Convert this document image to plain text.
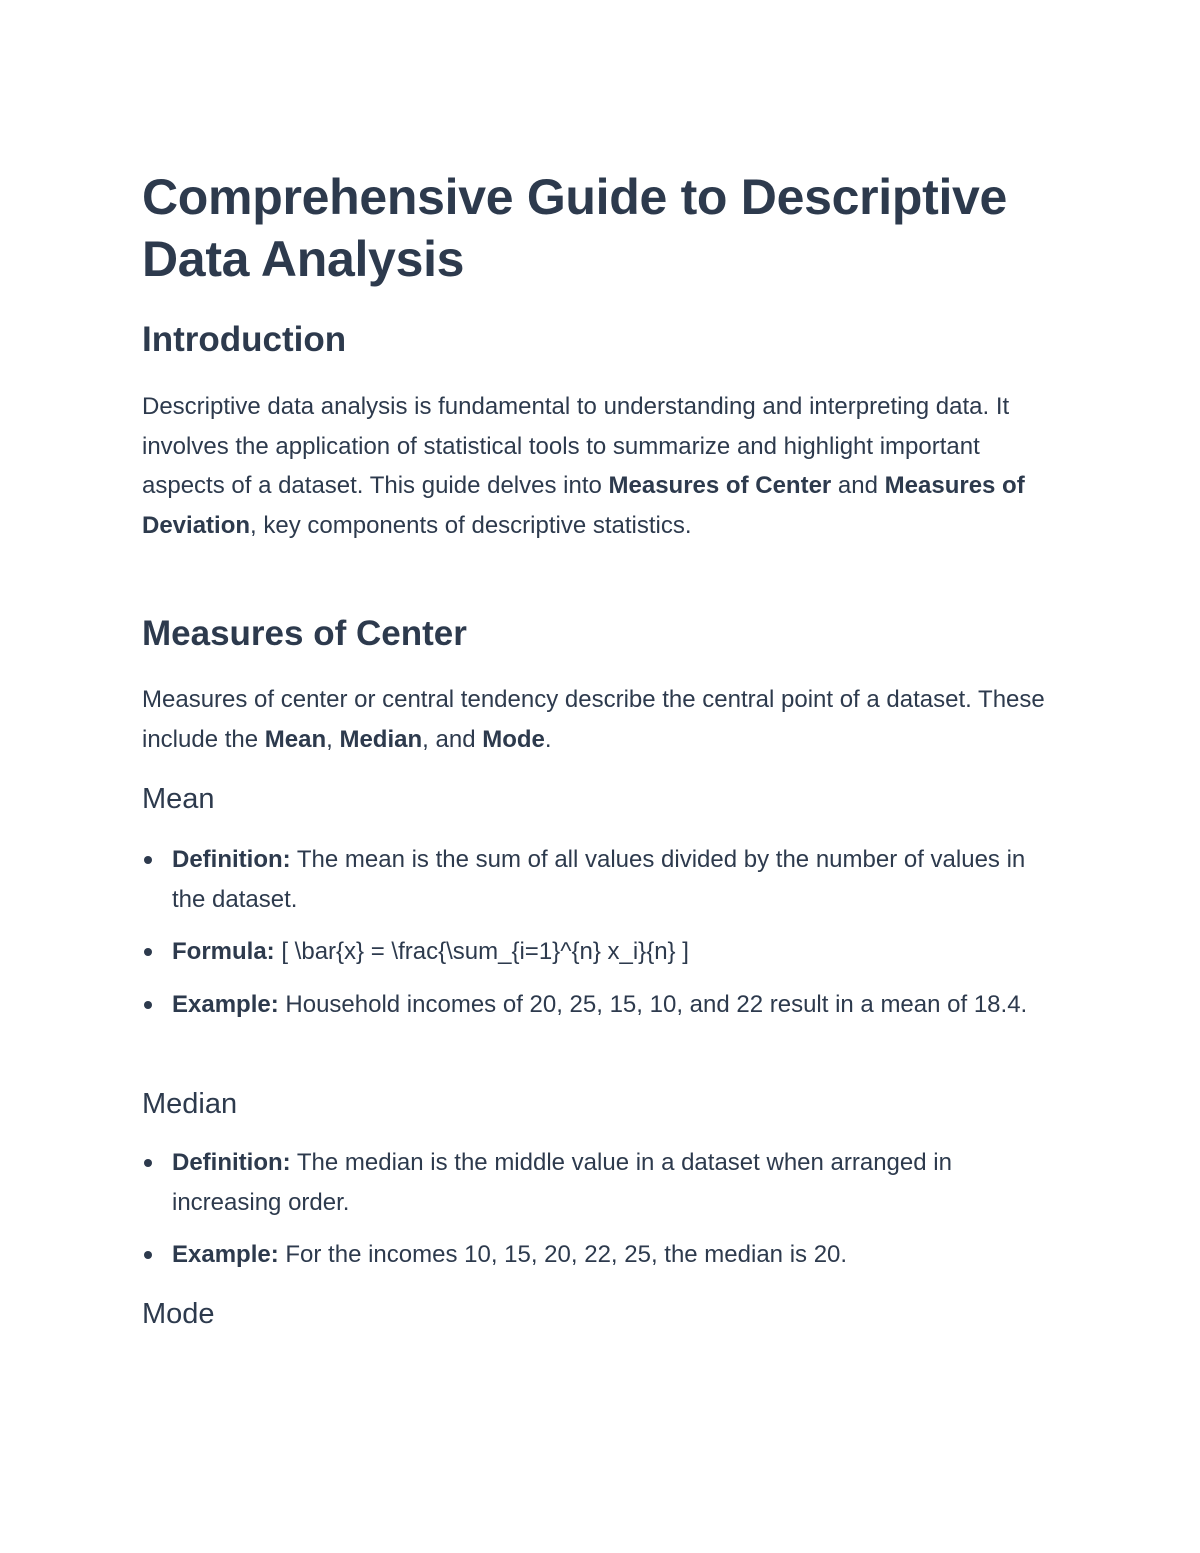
Comprehensive Guide to Descriptive Data Analysis
Introduction

Descriptive data analysis is fundamental to understanding and interpreting data. It involves the application of statistical tools to summarize and highlight important aspects of a dataset. This guide delves into Measures of Center and Measures of Deviation, key components of descriptive statistics.

Measures of Center

Measures of center or central tendency describe the central point of a dataset. These include the Mean, Median, and Mode.

Mean
Definition: The mean is the sum of all values divided by the number of values in the dataset.
Formula: [ \bar{x} = \frac{\sum_{i=1}^{n} x_i}{n} ]
Example: Household incomes of 20, 25, 15, 10, and 22 result in a mean of 18.4.
Median
Definition: The median is the middle value in a dataset when arranged in increasing order.
Example: For the incomes 10, 15, 20, 22, 25, the median is 20.
Mode
